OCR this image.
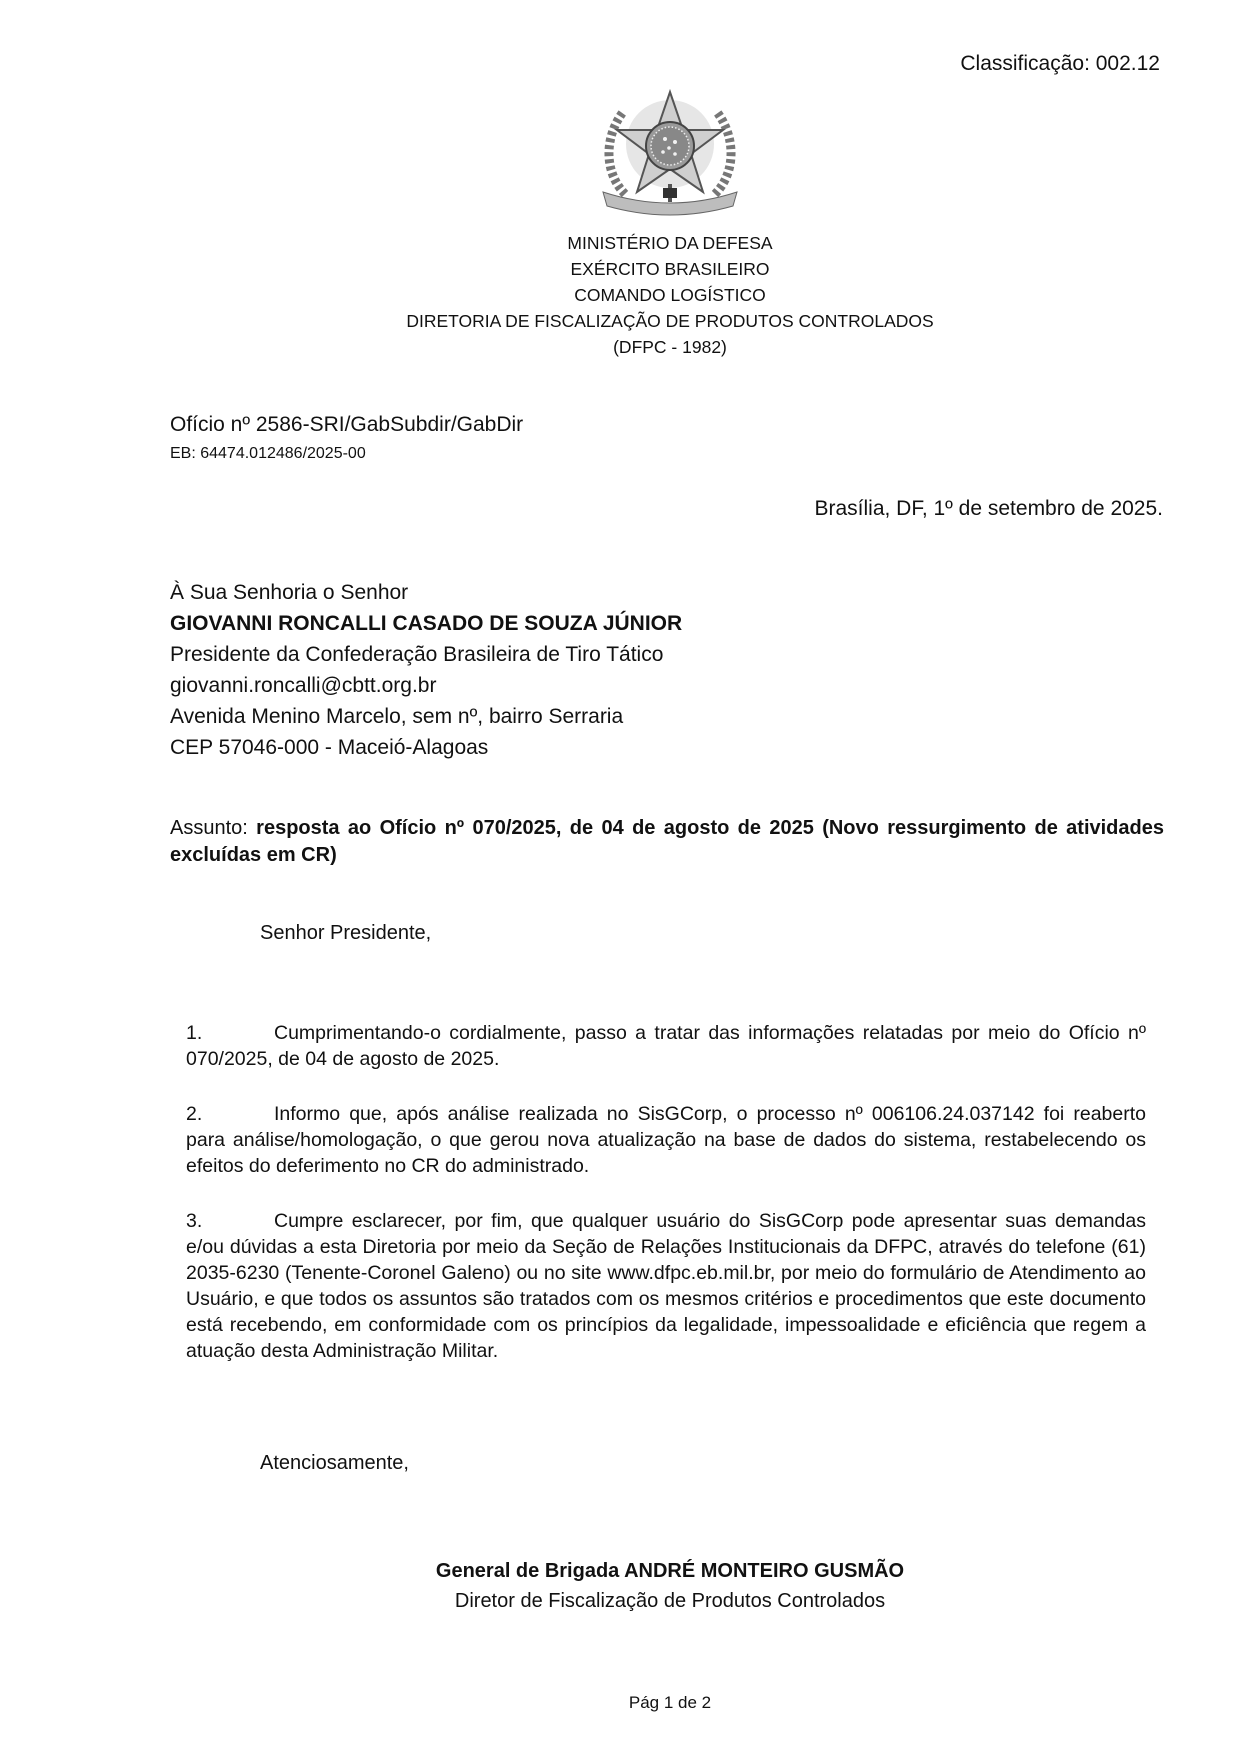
Classificação: 002.12
MINISTÉRIO DA DEFESA
EXÉRCITO BRASILEIRO
COMANDO LOGÍSTICO
DIRETORIA DE FISCALIZAÇÃO DE PRODUTOS CONTROLADOS
(DFPC - 1982)
Ofício nº 2586-SRI/GabSubdir/GabDir
EB: 64474.012486/2025-00
Brasília, DF, 1º de setembro de 2025.
À Sua Senhoria o Senhor
GIOVANNI RONCALLI CASADO DE SOUZA JÚNIOR
Presidente da Confederação Brasileira de Tiro Tático
giovanni.roncalli@cbtt.org.br
Avenida Menino Marcelo, sem nº, bairro Serraria
CEP 57046-000 - Maceió-Alagoas
Assunto: resposta ao Ofício nº 070/2025, de 04 de agosto de 2025 (Novo ressurgimento de atividades excluídas em CR)
Senhor Presidente,
1.	Cumprimentando-o cordialmente, passo a tratar das informações relatadas por meio do Ofício nº 070/2025, de 04 de agosto de 2025.
2.	Informo que, após análise realizada no SisGCorp, o processo nº 006106.24.037142 foi reaberto para análise/homologação, o que gerou nova atualização na base de dados do sistema, restabelecendo os efeitos do deferimento no CR do administrado.
3.	Cumpre esclarecer, por fim, que qualquer usuário do SisGCorp pode apresentar suas demandas e/ou dúvidas a esta Diretoria por meio da Seção de Relações Institucionais da DFPC, através do telefone (61) 2035-6230 (Tenente-Coronel Galeno) ou no site www.dfpc.eb.mil.br, por meio do formulário de Atendimento ao Usuário, e que todos os assuntos são tratados com os mesmos critérios e procedimentos que este documento está recebendo, em conformidade com os princípios da legalidade, impessoalidade e eficiência que regem a atuação desta Administração Militar.
Atenciosamente,
General de Brigada ANDRÉ MONTEIRO GUSMÃO
Diretor de Fiscalização de Produtos Controlados
Pág 1 de 2
